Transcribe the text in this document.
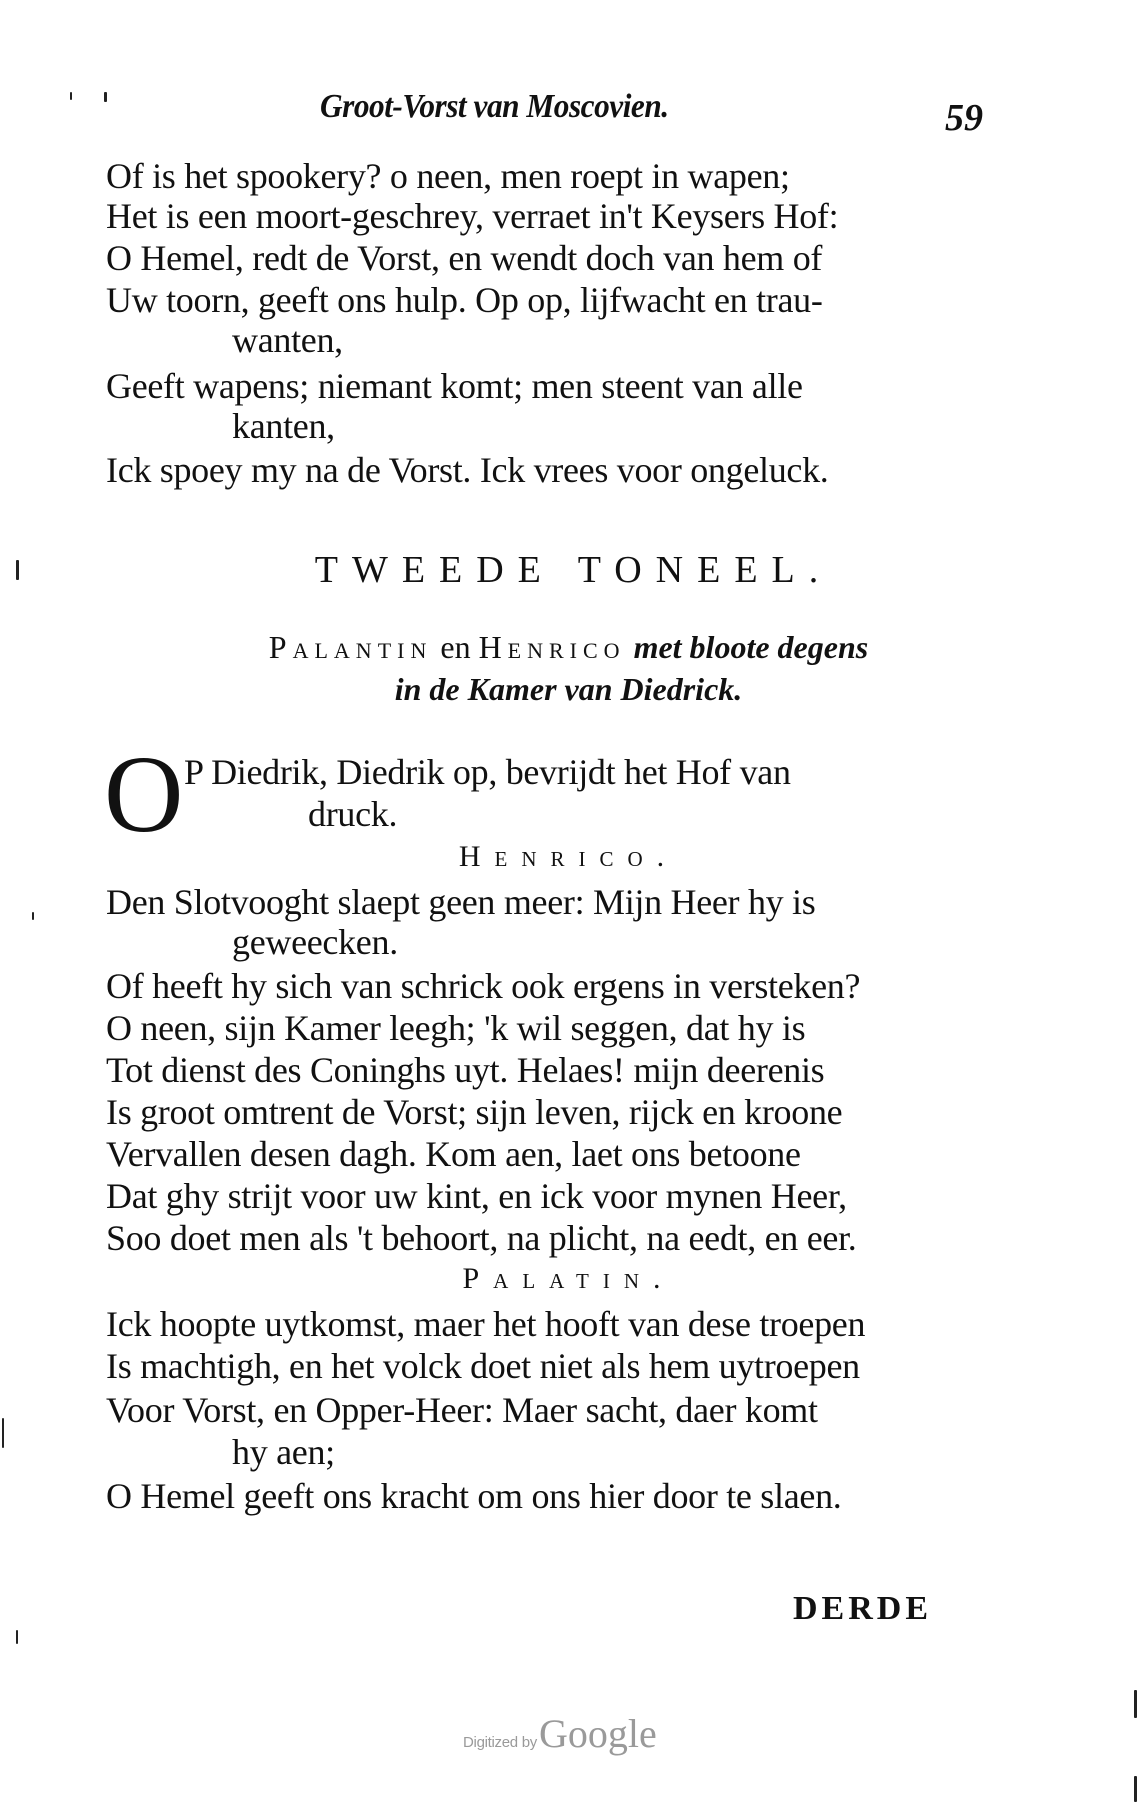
Groot-Vorst van Moscovien.	59
Of is het spookery? o neen, men roept in wapen;
Het is een moort-geschrey, verraet in't Keysers Hof:
O Hemel, redt de Vorst, en wendt doch van hem of
Uw toorn, geeft ons hulp. Op op, lijfwacht en trau-
wanten,
Geeft wapens; niemant komt; men steent van alle
kanten,
Ick spoey my na de Vorst. Ick vrees voor ongeluck.
TWEEDE TONEEL.
Palantin en Henrico met bloote degens
in de Kamer van Diedrick.
O P Diedrik, Diedrik op, bevrijdt het Hof van
druck.
Henrico.
Den Slotvooght slaept geen meer: Mijn Heer hy is
geweecken.
Of heeft hy sich van schrick ook ergens in versteken?
O neen, sijn Kamer leegh; 'k wil seggen, dat hy is
Tot dienst des Coninghs uyt. Helaes! mijn deerenis
Is groot omtrent de Vorst; sijn leven, rijck en kroone
Vervallen desen dagh. Kom aen, laet ons betoone
Dat ghy strijt voor uw kint, en ick voor mynen Heer,
Soo doet men als 't behoort, na plicht, na eedt, en eer.
Palatin.
Ick hoopte uytkomst, maer het hooft van dese troepen
Is machtigh, en het volck doet niet als hem uytroepen
Voor Vorst, en Opper-Heer: Maer sacht, daer komt
hy aen;
O Hemel geeft ons kracht om ons hier door te slaen.
DERDE
Digitized byGoogle
